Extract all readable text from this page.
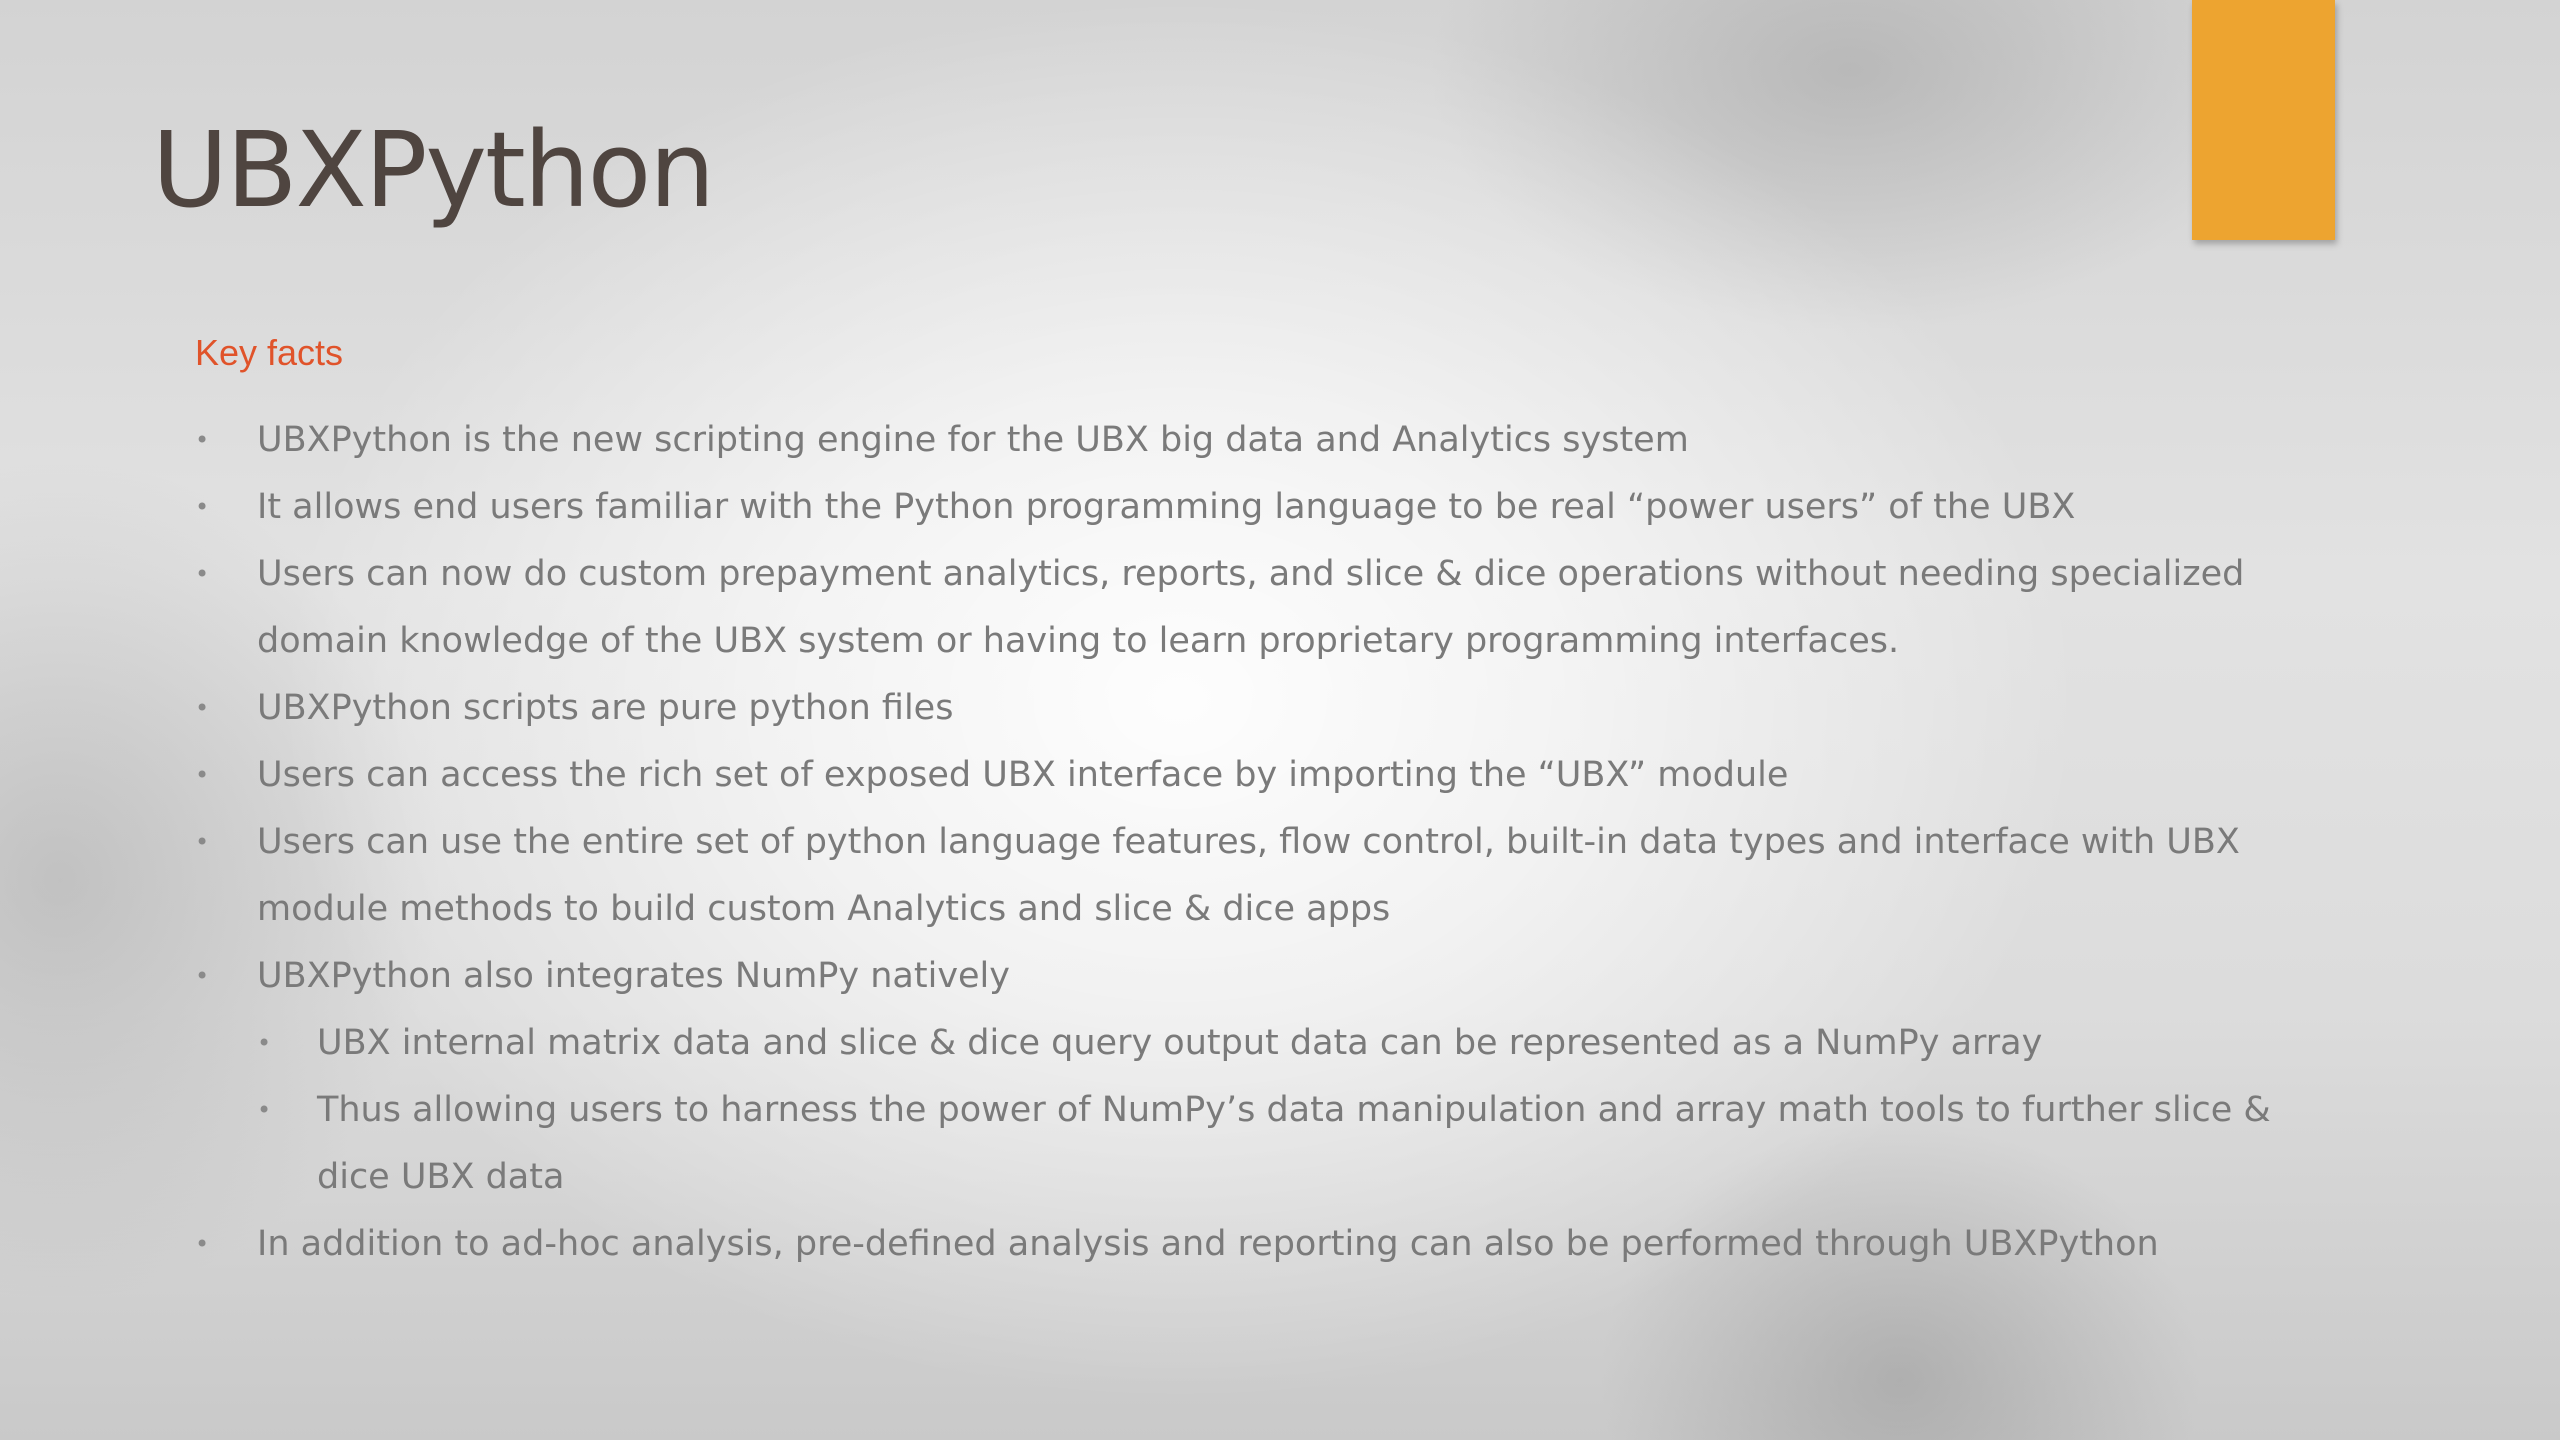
UBXPython
Key facts
• UBXPython is the new scripting engine for the UBX big data and Analytics system
• It allows end users familiar with the Python programming language to be real “power users” of the UBX
• Users can now do custom prepayment analytics, reports, and slice & dice operations without needing specialized domain knowledge of the UBX system or having to learn proprietary programming interfaces.
• UBXPython scripts are pure python files
• Users can access the rich set of exposed UBX interface by importing the “UBX” module
• Users can use the entire set of python language features, flow control, built-in data types and interface with UBX module methods to build custom Analytics and slice & dice apps
• UBXPython also integrates NumPy natively
• UBX internal matrix data and slice & dice query output data can be represented as a NumPy array
• Thus allowing users to harness the power of NumPy’s data manipulation and array math tools to further slice & dice UBX data
• In addition to ad-hoc analysis, pre-defined analysis and reporting can also be performed through UBXPython
